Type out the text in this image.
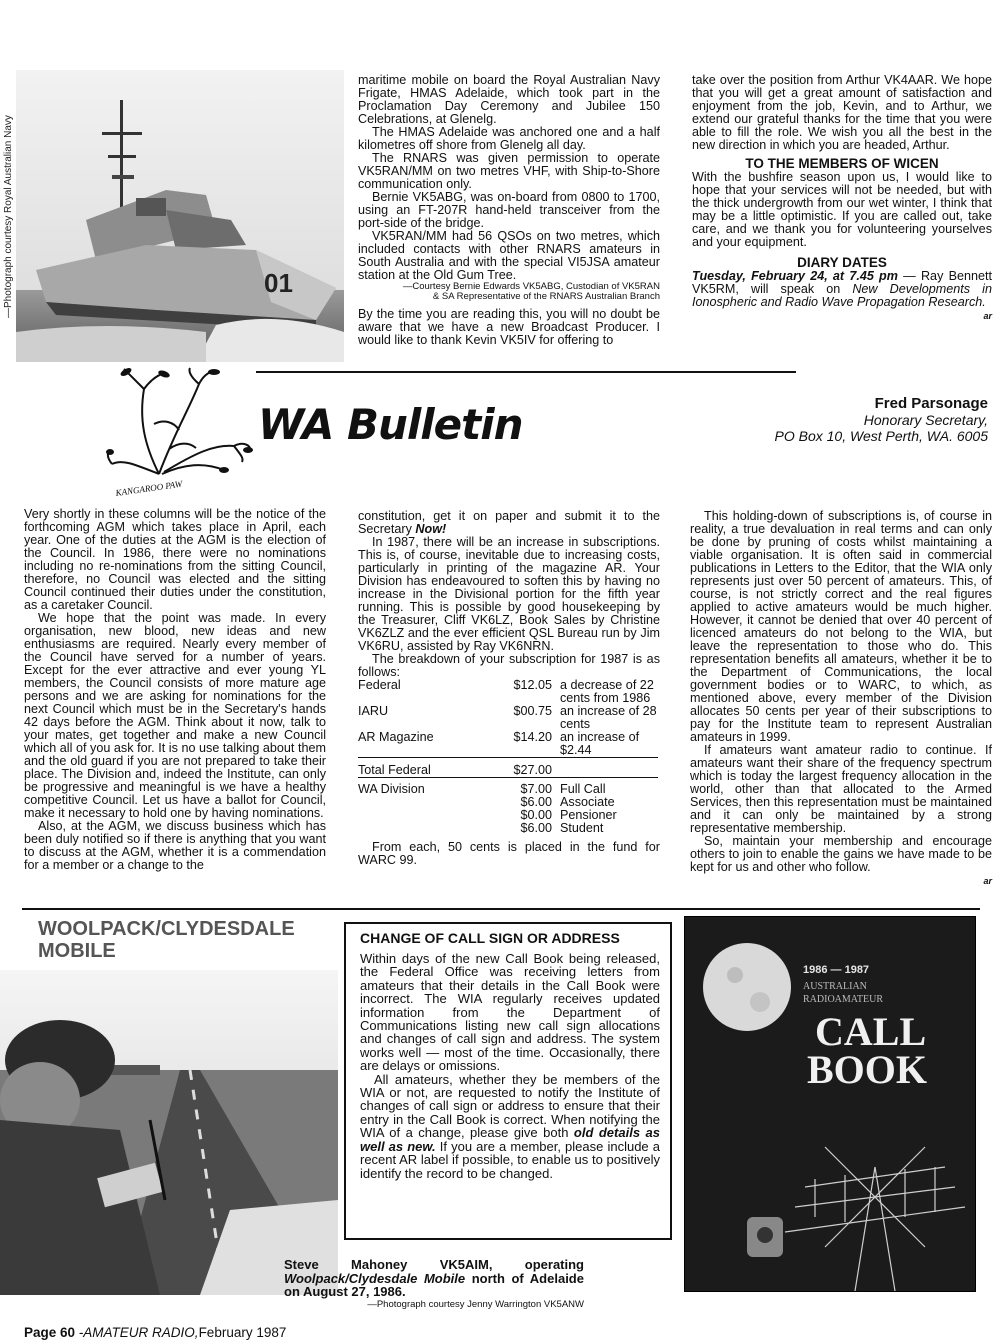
—Photograph courtesy Royal Australian Navy	01

maritime mobile on board the Royal Australian Navy Frigate, HMAS Adelaide, which took part in the Proclamation Day Ceremony and Jubilee 150 Celebrations, at Glenelg.

The HMAS Adelaide was anchored one and a half kilometres off shore from Glenelg all day.

The RNARS was given permission to operate VK5RAN/MM on two metres VHF, with Ship-to-Shore communication only.

Bernie VK5ABG, was on-board from 0800 to 1700, using an FT-207R hand-held transceiver from the port-side of the bridge.

VK5RAN/MM had 56 QSOs on two metres, which included contacts with other RNARS amateurs in South Australia and with the special VI5JSA amateur station at the Old Gum Tree.

—Courtesy Bernie Edwards VK5ABG, Custodian of VK5RAN
& SA Representative of the RNARS Australian Branch

By the time you are reading this, you will no doubt be aware that we have a new Broadcast Producer. I would like to thank Kevin VK5IV for offering to

take over the position from Arthur VK4AAR. We hope that you will get a great amount of satisfaction and enjoyment from the job, Kevin, and to Arthur, we extend our grateful thanks for the time that you were able to fill the role. We wish you all the best in the new direction in which you are headed, Arthur.

TO THE MEMBERS OF WICEN

With the bushfire season upon us, I would like to hope that your services will not be needed, but with the thick undergrowth from our wet winter, I think that may be a little optimistic. If you are called out, take care, and we thank you for volunteering yourselves and your equipment.

DIARY DATES

Tuesday, February 24, at 7.45 pm — Ray Bennett VK5RM, will speak on New Developments in Ionospheric and Radio Wave Propagation Research.

ar
KANGAROO PAW
WA Bulletin	Fred Parsonage
Honorary Secretary,
PO Box 10, West Perth, WA. 6005

Very shortly in these columns will be the notice of the forthcoming AGM which takes place in April, each year. One of the duties at the AGM is the election of the Council. In 1986, there were no nominations including no re-nominations from the sitting Council, therefore, no Council was elected and the sitting Council continued their duties under the constitution, as a caretaker Council.

We hope that the point was made. In every organisation, new blood, new ideas and new enthusiasms are required. Nearly every member of the Council have served for a number of years. Except for the ever attractive and ever young YL members, the Council consists of more mature age persons and we are asking for nominations for the next Council which must be in the Secretary's hands 42 days before the AGM. Think about it now, talk to your mates, get together and make a new Council which all of you ask for. It is no use talking about them and the old guard if you are not prepared to take their place. The Division and, indeed the Institute, can only be progressive and meaningful is we have a healthy competitive Council. Let us have a ballot for Council, make it necessary to hold one by having nominations.

Also, at the AGM, we discuss business which has been duly notified so if there is anything that you want to discuss at the AGM, whether it is a commendation for a member or a change to the

constitution, get it on paper and submit it to the Secretary Now!

In 1987, there will be an increase in subscriptions. This is, of course, inevitable due to increasing costs, particularly in printing of the magazine AR. Your Division has endeavoured to soften this by having no increase in the Divisional portion for the fifth year running. This is possible by good housekeeping by the Treasurer, Cliff VK6LZ, Book Sales by Christine VK6ZLZ and the ever efficient QSL Bureau run by Jim VK6RU, assisted by Ray VK6NRN.

The breakdown of your subscription for 1987 is as follows:

Federal	$12.05	a decrease of 22 cents from 1986
IARU	$00.75	an increase of 28 cents
AR Magazine	$14.20	an increase of $2.44

Total Federal	$27.00	

WA Division	$7.00	Full Call
	$6.00	Associate
	$0.00	Pensioner
	$6.00	Student

From each, 50 cents is placed in the fund for WARC 99.

This holding-down of subscriptions is, of course in reality, a true devaluation in real terms and can only be done by pruning of costs whilst maintaining a viable organisation. It is often said in commercial publications in Letters to the Editor, that the WIA only represents just over 50 percent of amateurs. This, of course, is not strictly correct and the real figures applied to active amateurs would be much higher. However, it cannot be denied that over 40 percent of licenced amateurs do not belong to the WIA, but leave the representation to those who do. This representation benefits all amateurs, whether it be to the Department of Communications, the local government bodies or to WARC, to which, as mentioned above, every member of the Division allocates 50 cents per year of their subscriptions to pay for the Institute team to represent Australian amateurs in 1999.

If amateurs want amateur radio to continue. If amateurs want their share of the frequency spectrum which is today the largest frequency allocation in the world, other than that allocated to the Armed Services, then this representation must be maintained and it can only be maintained by a strong representative membership.

So, maintain your membership and encourage others to join to enable the gains we have made to be kept for us and other who follow.

ar
WOOLPACK/CLYDESDALE
MOBILE
CHANGE OF CALL SIGN OR ADDRESS

Within days of the new Call Book being released, the Federal Office was receiving letters from amateurs that their details in the Call Book were incorrect. The WIA regularly receives updated information from the Department of Communications listing new call sign allocations and changes of call sign and address. The system works well — most of the time. Occasionally, there are delays or omissions.

All amateurs, whether they be members of the WIA or not, are requested to notify the Institute of changes of call sign or address to ensure that their entry in the Call Book is correct. When notifying the WIA of a change, please give both old details as well as new. If you are a member, please include a recent AR label if possible, to enable us to positively identify the record to be changed.

1986 — 1987
AUSTRALIAN
RADIOAMATEUR
CALL
BOOK
Steve Mahoney VK5AIM, operating Woolpack/Clydesdale Mobile north of Adelaide on August 27, 1986.
—Photograph courtesy Jenny Warrington VK5ANW
Page 60 -AMATEUR RADIO,February 1987
